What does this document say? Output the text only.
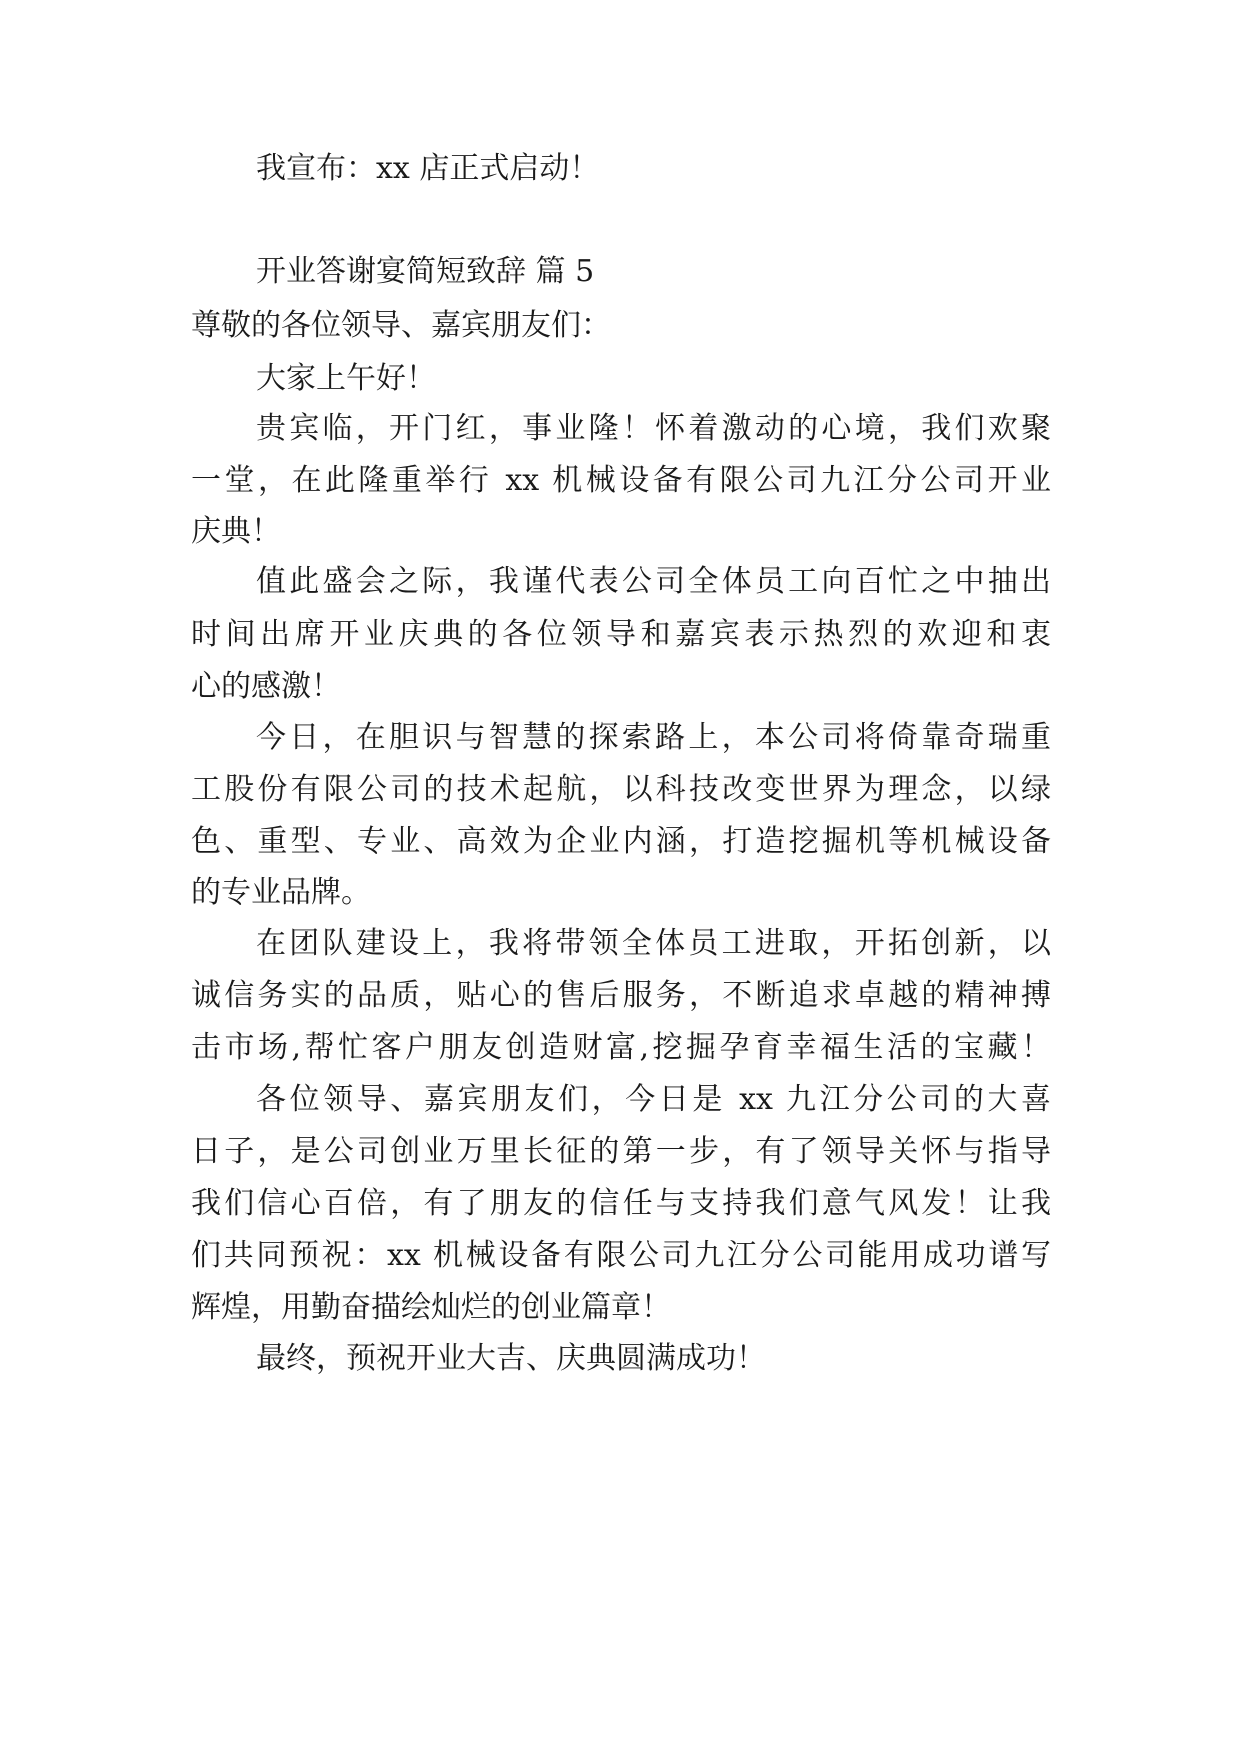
我宣布：xx 店正式启动！
开业答谢宴简短致辞 篇 5
尊敬的各位领导、嘉宾朋友们：
大家上午好！
贵宾临，开门红，事业隆！怀着激动的心境，我们欢聚
一堂，在此隆重举行 xx 机械设备有限公司九江分公司开业
庆典！
值此盛会之际，我谨代表公司全体员工向百忙之中抽出
时间出席开业庆典的各位领导和嘉宾表示热烈的欢迎和衷
心的感激！
今日，在胆识与智慧的探索路上，本公司将倚靠奇瑞重
工股份有限公司的技术起航，以科技改变世界为理念，以绿
色、重型、专业、高效为企业内涵，打造挖掘机等机械设备
的专业品牌。
在团队建设上，我将带领全体员工进取，开拓创新，以
诚信务实的品质，贴心的售后服务，不断追求卓越的精神搏
击市场,帮忙客户朋友创造财富,挖掘孕育幸福生活的宝藏！
各位领导、嘉宾朋友们，今日是 xx 九江分公司的大喜
日子，是公司创业万里长征的第一步，有了领导关怀与指导
我们信心百倍，有了朋友的信任与支持我们意气风发！让我
们共同预祝：xx 机械设备有限公司九江分公司能用成功谱写
辉煌，用勤奋描绘灿烂的创业篇章！
最终，预祝开业大吉、庆典圆满成功！
